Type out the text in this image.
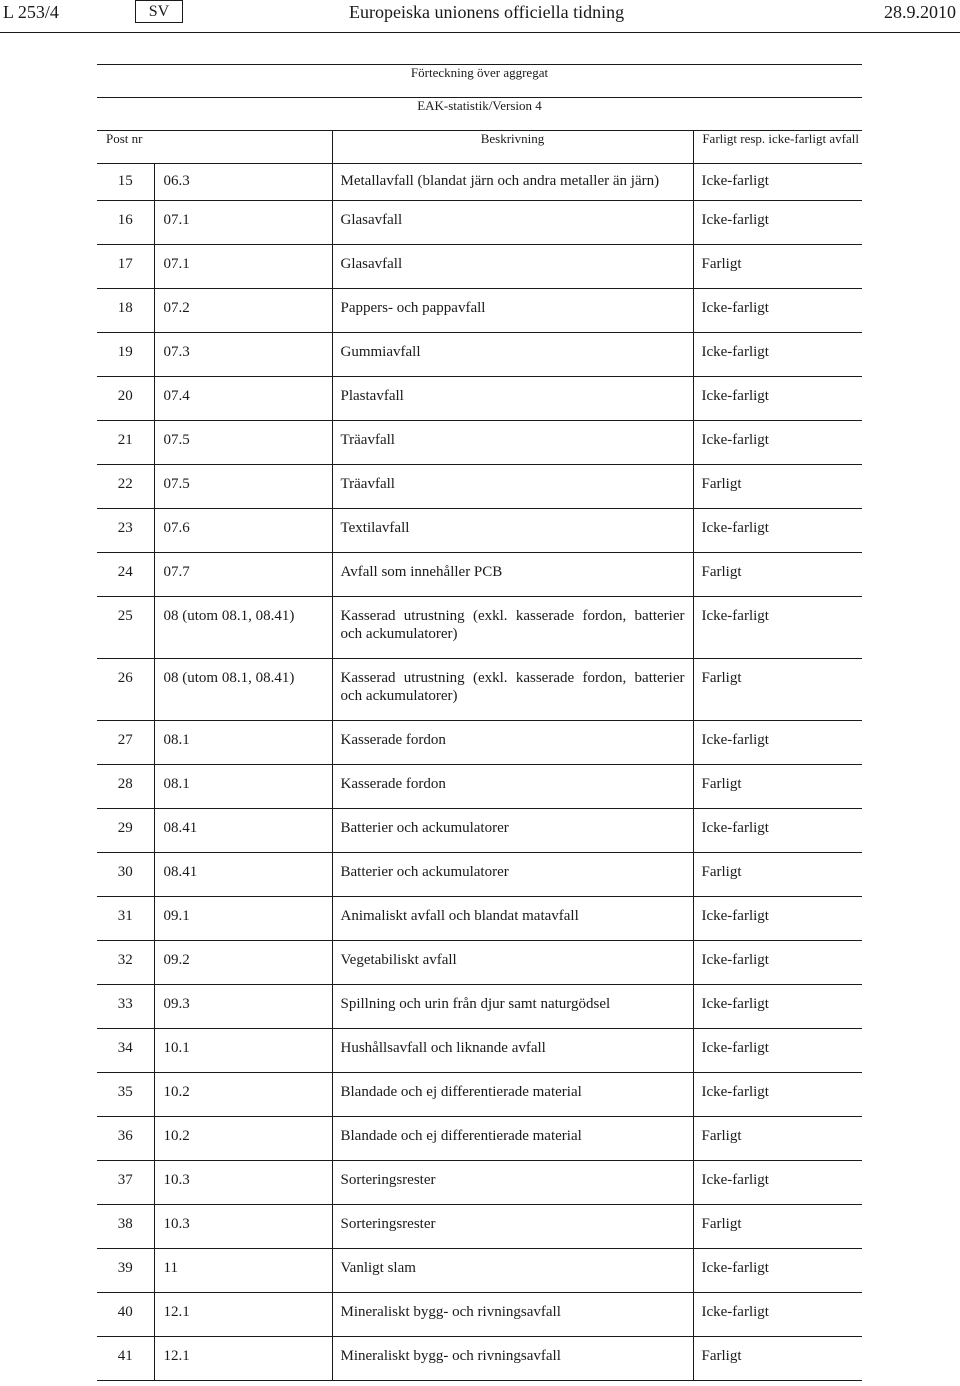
L 253/4	SV	Europeiska unionens officiella tidning	28.9.2010
Förteckning över aggregat			
EAK-statistik/Version 4			
Post nr		Beskrivning	Farligt resp. icke-farligt avfall
15	06.3	Metallavfall (blandat järn och andra metaller än järn)	Icke-farligt
16	07.1	Glasavfall	Icke-farligt
17	07.1	Glasavfall	Farligt
18	07.2	Pappers- och pappavfall	Icke-farligt
19	07.3	Gummiavfall	Icke-farligt
20	07.4	Plastavfall	Icke-farligt
21	07.5	Träavfall	Icke-farligt
22	07.5	Träavfall	Farligt
23	07.6	Textilavfall	Icke-farligt
24	07.7	Avfall som innehåller PCB	Farligt
25	08 (utom 08.1, 08.41)	Kasserad utrustning (exkl. kasserade fordon, batterier och ackumulatorer)	Icke-farligt
26	08 (utom 08.1, 08.41)	Kasserad utrustning (exkl. kasserade fordon, batterier och ackumulatorer)	Farligt
27	08.1	Kasserade fordon	Icke-farligt
28	08.1	Kasserade fordon	Farligt
29	08.41	Batterier och ackumulatorer	Icke-farligt
30	08.41	Batterier och ackumulatorer	Farligt
31	09.1	Animaliskt avfall och blandat matavfall	Icke-farligt
32	09.2	Vegetabiliskt avfall	Icke-farligt
33	09.3	Spillning och urin från djur samt naturgödsel	Icke-farligt
34	10.1	Hushållsavfall och liknande avfall	Icke-farligt
35	10.2	Blandade och ej differentierade material	Icke-farligt
36	10.2	Blandade och ej differentierade material	Farligt
37	10.3	Sorteringsrester	Icke-farligt
38	10.3	Sorteringsrester	Farligt
39	11	Vanligt slam	Icke-farligt
40	12.1	Mineraliskt bygg- och rivningsavfall	Icke-farligt
41	12.1	Mineraliskt bygg- och rivningsavfall	Farligt
